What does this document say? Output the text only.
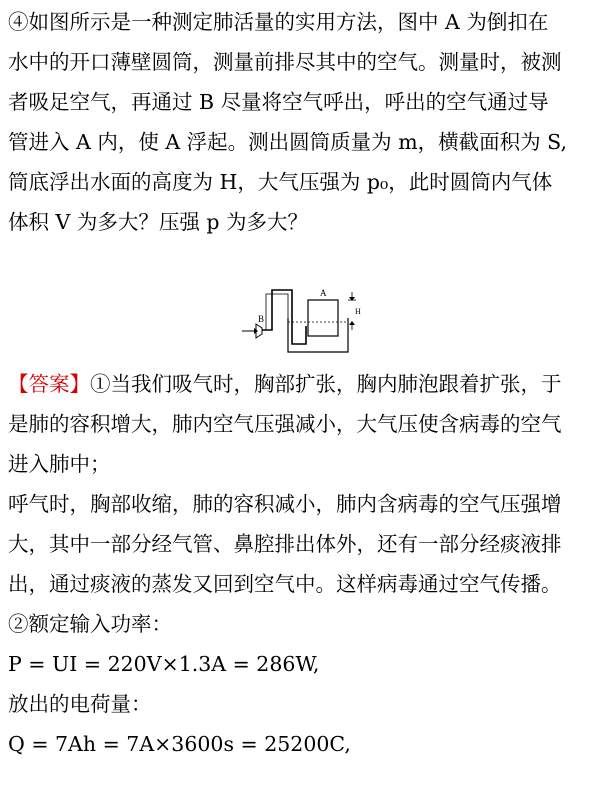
④如图所示是一种测定肺活量的实用方法，图中 A 为倒扣在
水中的开口薄壁圆筒，测量前排尽其中的空气。测量时，被测
者吸足空气，再通过 B 尽量将空气呼出，呼出的空气通过导
管进入 A 内，使 A 浮起。测出圆筒质量为 m，横截面积为 S,
筒底浮出水面的高度为 H，大气压强为 p₀，此时圆筒内气体
体积 V 为多大？压强 p 为多大？
A
B
H
【答案】①当我们吸气时，胸部扩张，胸内肺泡跟着扩张，于
是肺的容积增大，肺内空气压强减小，大气压使含病毒的空气
进入肺中；
呼气时，胸部收缩，肺的容积减小，肺内含病毒的空气压强增
大，其中一部分经气管、鼻腔排出体外，还有一部分经痰液排
出，通过痰液的蒸发又回到空气中。这样病毒通过空气传播。
②额定输入功率：
P = UI = 220V×1.3A = 286W,
放出的电荷量：
Q = 7Ah = 7A×3600s = 25200C,
